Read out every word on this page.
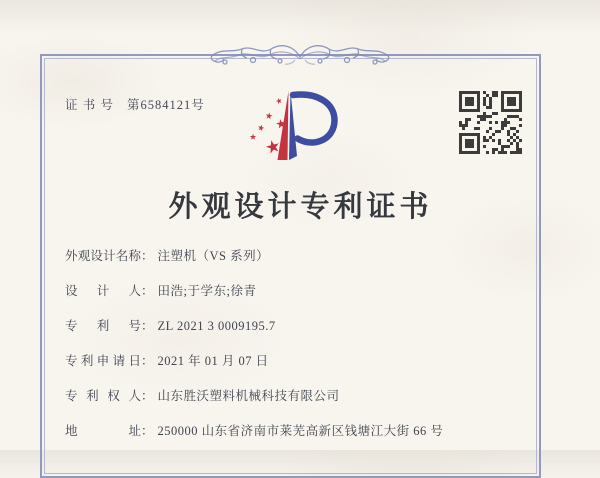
证书号 第6584121号
外观设计专利证书
外观设计名称 ： 注塑机（VS 系列）
设计人 ： 田浩;于学东;徐青
专利号 ： ZL 2021 3 0009195.7
专利申请日 ： 2021 年 01 月 07 日
专利权人 ： 山东胜沃塑料机械科技有限公司
地址 ： 250000 山东省济南市莱芜高新区钱塘江大街 66 号
